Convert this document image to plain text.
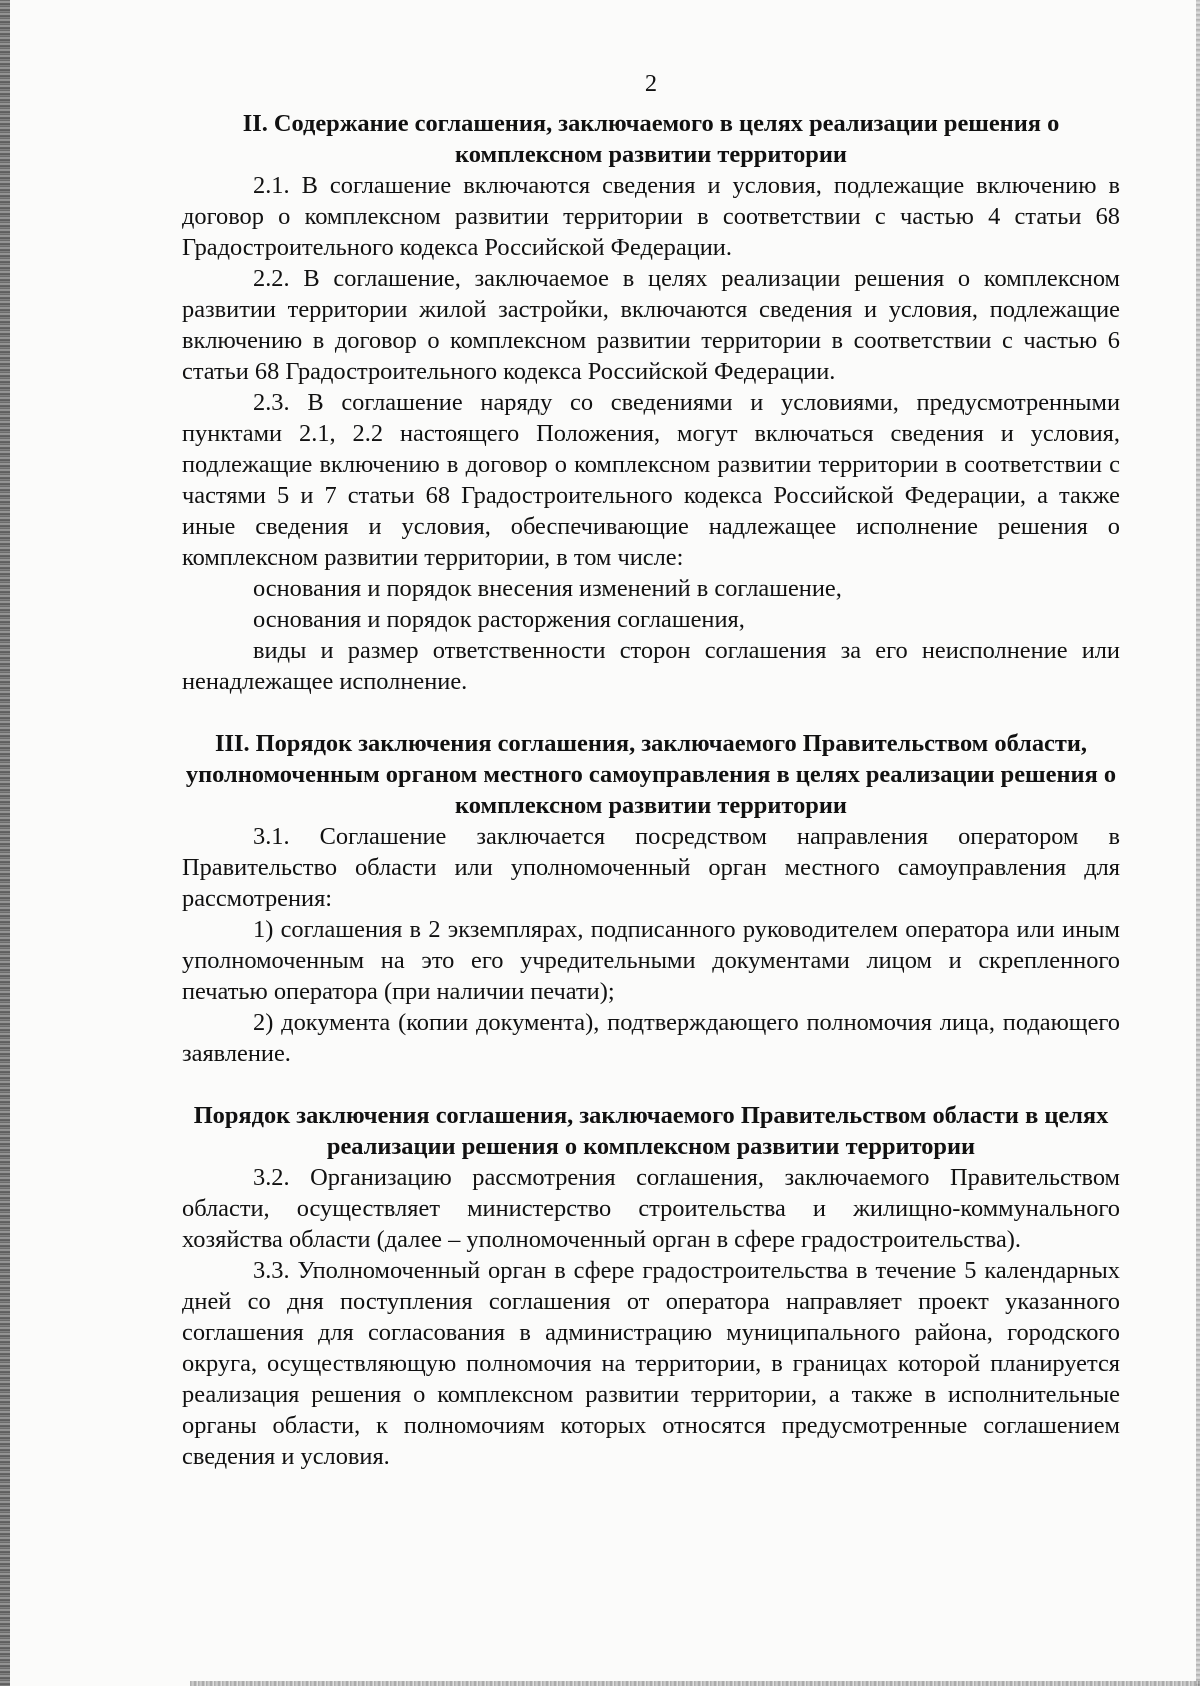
2
II. Содержание соглашения, заключаемого в целях реализации решения о комплексном развитии территории

2.1. В соглашение включаются сведения и условия, подлежащие включению в договор о комплексном развитии территории в соответствии с частью 4 статьи 68 Градостроительного кодекса Российской Федерации.

2.2. В соглашение, заключаемое в целях реализации решения о комплексном развитии территории жилой застройки, включаются сведения и условия, подлежащие включению в договор о комплексном развитии территории в соответствии с частью 6 статьи 68 Градостроительного кодекса Российской Федерации.

2.3. В соглашение наряду со сведениями и условиями, предусмотренными пунктами 2.1, 2.2 настоящего Положения, могут включаться сведения и условия, подлежащие включению в договор о комплексном развитии территории в соответствии с частями 5 и 7 статьи 68 Градостроительного кодекса Российской Федерации, а также иные сведения и условия, обеспечивающие надлежащее исполнение решения о комплексном развитии территории, в том числе:

основания и порядок внесения изменений в соглашение,

основания и порядок расторжения соглашения,

виды и размер ответственности сторон соглашения за его неисполнение или ненадлежащее исполнение.

III. Порядок заключения соглашения, заключаемого Правительством области, уполномоченным органом местного самоуправления в целях реализации решения о комплексном развитии территории

3.1. Соглашение заключается посредством направления оператором в Правительство области или уполномоченный орган местного самоуправления для рассмотрения:

1) соглашения в 2 экземплярах, подписанного руководителем оператора или иным уполномоченным на это его учредительными документами лицом и скрепленного печатью оператора (при наличии печати);

2) документа (копии документа), подтверждающего полномочия лица, подающего заявление.

Порядок заключения соглашения, заключаемого Правительством области в целях реализации решения о комплексном развитии территории

3.2. Организацию рассмотрения соглашения, заключаемого Правительством области, осуществляет министерство строительства и жилищно-коммунального хозяйства области (далее – уполномоченный орган в сфере градостроительства).

3.3. Уполномоченный орган в сфере градостроительства в течение 5 календарных дней со дня поступления соглашения от оператора направляет проект указанного соглашения для согласования в администрацию муниципального района, городского округа, осуществляющую полномочия на территории, в границах которой планируется реализация решения о комплексном развитии территории, а также в исполнительные органы области, к полномочиям которых относятся предусмотренные соглашением сведения и условия.
